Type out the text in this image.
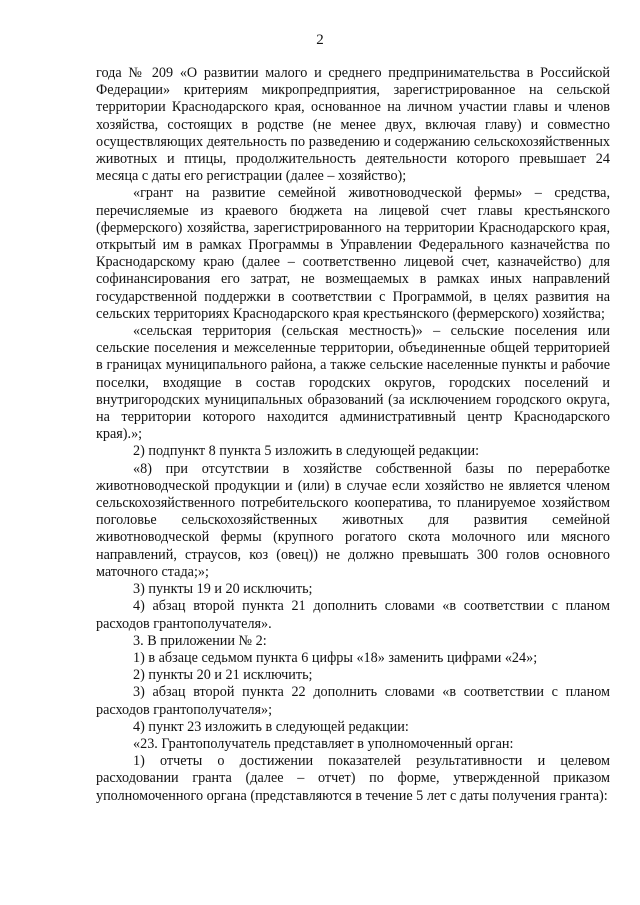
2

года № 209 «О развитии малого и среднего предпринимательства в Российской Федерации» критериям микропредприятия, зарегистрированное на сельской территории Краснодарского края, основанное на личном участии главы и членов хозяйства, состоящих в родстве (не менее двух, включая главу) и совместно осуществляющих деятельность по разведению и содержанию сельскохозяйственных животных и птицы, продолжительность деятельности которого превышает 24 месяца с даты его регистрации (далее – хозяйство);

«грант на развитие семейной животноводческой фермы» – средства, перечисляемые из краевого бюджета на лицевой счет главы крестьянского (фермерского) хозяйства, зарегистрированного на территории Краснодарского края, открытый им в рамках Программы в Управлении Федерального казначейства по Краснодарскому краю (далее – соответственно лицевой счет, казначейство) для софинансирования его затрат, не возмещаемых в рамках иных направлений государственной поддержки в соответствии с Программой, в целях развития на сельских территориях Краснодарского края крестьянского (фермерского) хозяйства;

«сельская территория (сельская местность)» – сельские поселения или сельские поселения и межселенные территории, объединенные общей территорией в границах муниципального района, а также сельские населенные пункты и рабочие поселки, входящие в состав городских округов, городских поселений и внутригородских муниципальных образований (за исключением городского округа, на территории которого находится административный центр Краснодарского края).»;

2) подпункт 8 пункта 5 изложить в следующей редакции:

«8) при отсутствии в хозяйстве собственной базы по переработке животноводческой продукции и (или) в случае если хозяйство не является членом сельскохозяйственного потребительского кооператива, то планируемое хозяйством поголовье сельскохозяйственных животных для развития семейной животноводческой фермы (крупного рогатого скота молочного или мясного направлений, страусов, коз (овец)) не должно превышать 300 голов основного маточного стада;»;

3) пункты 19 и 20 исключить;

4) абзац второй пункта 21 дополнить словами «в соответствии с планом расходов грантополучателя».

3. В приложении № 2:

1) в абзаце седьмом пункта 6 цифры «18» заменить цифрами «24»;

2) пункты 20 и 21 исключить;

3) абзац второй пункта 22 дополнить словами «в соответствии с планом расходов грантополучателя»;

4) пункт 23 изложить в следующей редакции:

«23. Грантополучатель представляет в уполномоченный орган:

1) отчеты о достижении показателей результативности и целевом расходовании гранта (далее – отчет) по форме, утвержденной приказом уполномоченного органа (представляются в течение 5 лет с даты получения гранта):
